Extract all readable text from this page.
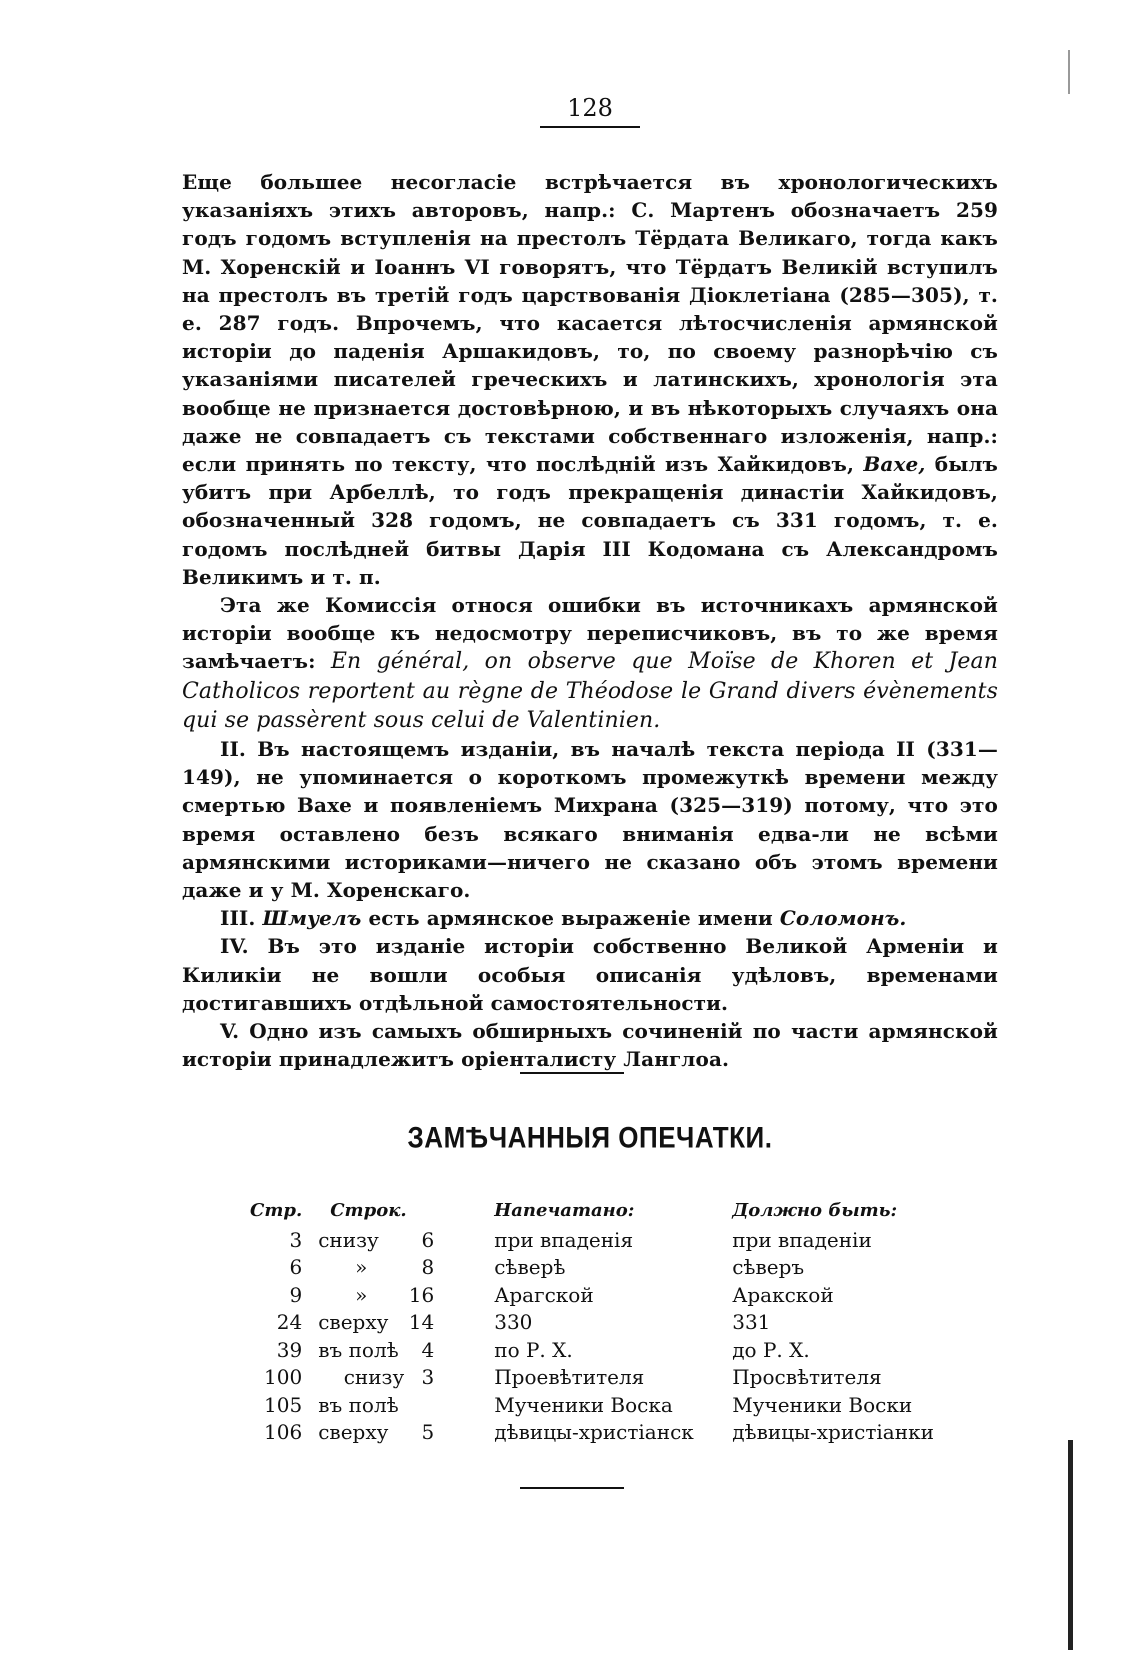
128

Еще большее несогласіе встрѣчается въ хронологическихъ указаніяхъ этихъ авторовъ, напр.: С. Мартенъ обозначаетъ 259 годъ годомъ вступленія на престолъ Тёрдата Великаго, тогда какъ М. Хоренскій и Іоаннъ VI говорятъ, что Тёрдатъ Великій вступилъ на престолъ въ третій годъ царствованія Діоклетіана (285—305), т. е. 287 годъ. Впрочемъ, что касается лѣтосчисленія армянской исторіи до паденія Аршакидовъ, то, по своему разнорѣчію съ указаніями писателей греческихъ и латинскихъ, хронологія эта вообще не признается достовѣрною, и въ нѣкоторыхъ случаяхъ она даже не совпадаетъ съ текстами собственнаго изложенія, напр.: если принять по тексту, что послѣдній изъ Хайкидовъ, Ваxе, былъ убитъ при Арбеллѣ, то годъ прекращенія династіи Хайкидовъ, обозначенный 328 годомъ, не совпадаетъ съ 331 годомъ, т. е. годомъ послѣдней битвы Дарія III Кодомана съ Александромъ Великимъ и т. п.

Эта же Комиссія относя ошибки въ источникахъ армянской исторіи вообще къ недосмотру переписчиковъ, въ то же время замѣчаетъ: En général, on observe que Moïse de Khoren et Jean Catholicos reportent au règne de Théodose le Grand divers évènements qui se passèrent sous celui de Valentinien.

II. Въ настоящемъ изданіи, въ началѣ текста періода II (331—149), не упоминается о короткомъ промежуткѣ времени между смертью Ваxе и появленіемъ Михрана (325—319) потому, что это время оставлено безъ всякаго вниманія едва-ли не всѣми армянскими историками—ничего не сказано объ этомъ времени даже и у М. Хоренскаго.

III. Шмуелъ есть армянское выраженіе имени Соломонъ.

IV. Въ это изданіе исторіи собственно Великой Арменіи и Киликіи не вошли особыя описанія удѣловъ, временами достигавшихъ отдѣльной самостоятельности.

V. Одно изъ самыхъ обширныхъ сочиненій по части армянской исторіи принадлежитъ оріенталисту Ланглоа.

ЗАМѢЧАННЫЯ ОПЕЧАТКИ.
Стр.	Строк.	Напечатано:	Должно быть:
3	снизу 6	при впаденія	при впаденіи
6	» 8	сѣверѣ	сѣверъ
9	» 16	Арагской	Аракской
24	сверху 14	330	331
39	въ полѣ 4	по Р. Х.	до Р. Х.
100	снизу 3	Проевѣтителя	Просвѣтителя
105	въ полѣ	Мученики Воска	Мученики Воски
106	сверху 5	дѣвицы-христіанск	дѣвицы-христіанки
